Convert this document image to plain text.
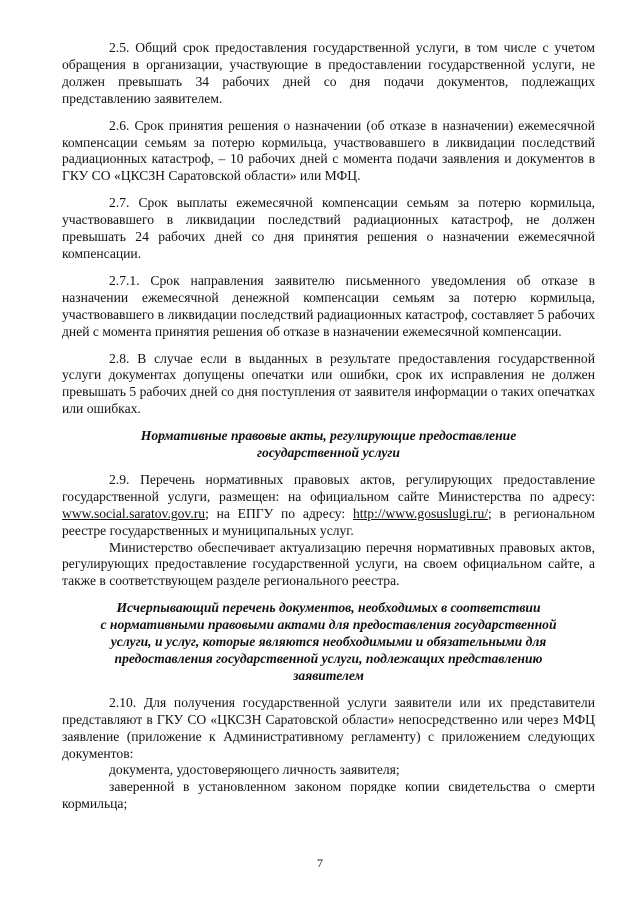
2.5. Общий срок предоставления государственной услуги, в том числе с учетом обращения в организации, участвующие в предоставлении государственной услуги, не должен превышать 34 рабочих дней со дня подачи документов, подлежащих представлению заявителем.

2.6. Срок принятия решения о назначении (об отказе в назначении) ежемесячной компенсации семьям за потерю кормильца, участвовавшего в ликвидации последствий радиационных катастроф, – 10 рабочих дней с момента подачи заявления и документов в ГКУ СО «ЦКСЗН Саратовской области» или МФЦ.

2.7. Срок выплаты ежемесячной компенсации семьям за потерю кормильца, участвовавшего в ликвидации последствий радиационных катастроф, не должен превышать 24 рабочих дней со дня принятия решения о назначении ежемесячной компенсации.

2.7.1. Срок направления заявителю письменного уведомления об отказе в назначении ежемесячной денежной компенсации семьям за потерю кормильца, участвовавшего в ликвидации последствий радиационных катастроф, составляет 5 рабочих дней с момента принятия решения об отказе в назначении ежемесячной компенсации.

2.8. В случае если в выданных в результате предоставления государственной услуги документах допущены опечатки или ошибки, срок их исправления не должен превышать 5 рабочих дней со дня поступления от заявителя информации о таких опечатках или ошибках.

Нормативные правовые акты, регулирующие предоставление
государственной услуги

2.9. Перечень нормативных правовых актов, регулирующих предоставление государственной услуги, размещен: на официальном сайте Министерства по адресу: www.social.saratov.gov.ru; на ЕПГУ по адресу: http://www.gosuslugi.ru/; в региональном реестре государственных и муниципальных услуг.

Министерство обеспечивает актуализацию перечня нормативных правовых актов, регулирующих предоставление государственной услуги, на своем официальном сайте, а также в соответствующем разделе регионального реестра.

Исчерпывающий перечень документов, необходимых в соответствии
с нормативными правовыми актами для предоставления государственной
услуги, и услуг, которые являются необходимыми и обязательными для
предоставления государственной услуги, подлежащих представлению
заявителем

2.10. Для получения государственной услуги заявители или их представители представляют в ГКУ СО «ЦКСЗН Саратовской области» непосредственно или через МФЦ заявление (приложение к Административному регламенту) с приложением следующих документов:

документа, удостоверяющего личность заявителя;

заверенной в установленном законом порядке копии свидетельства о смерти кормильца;

7
